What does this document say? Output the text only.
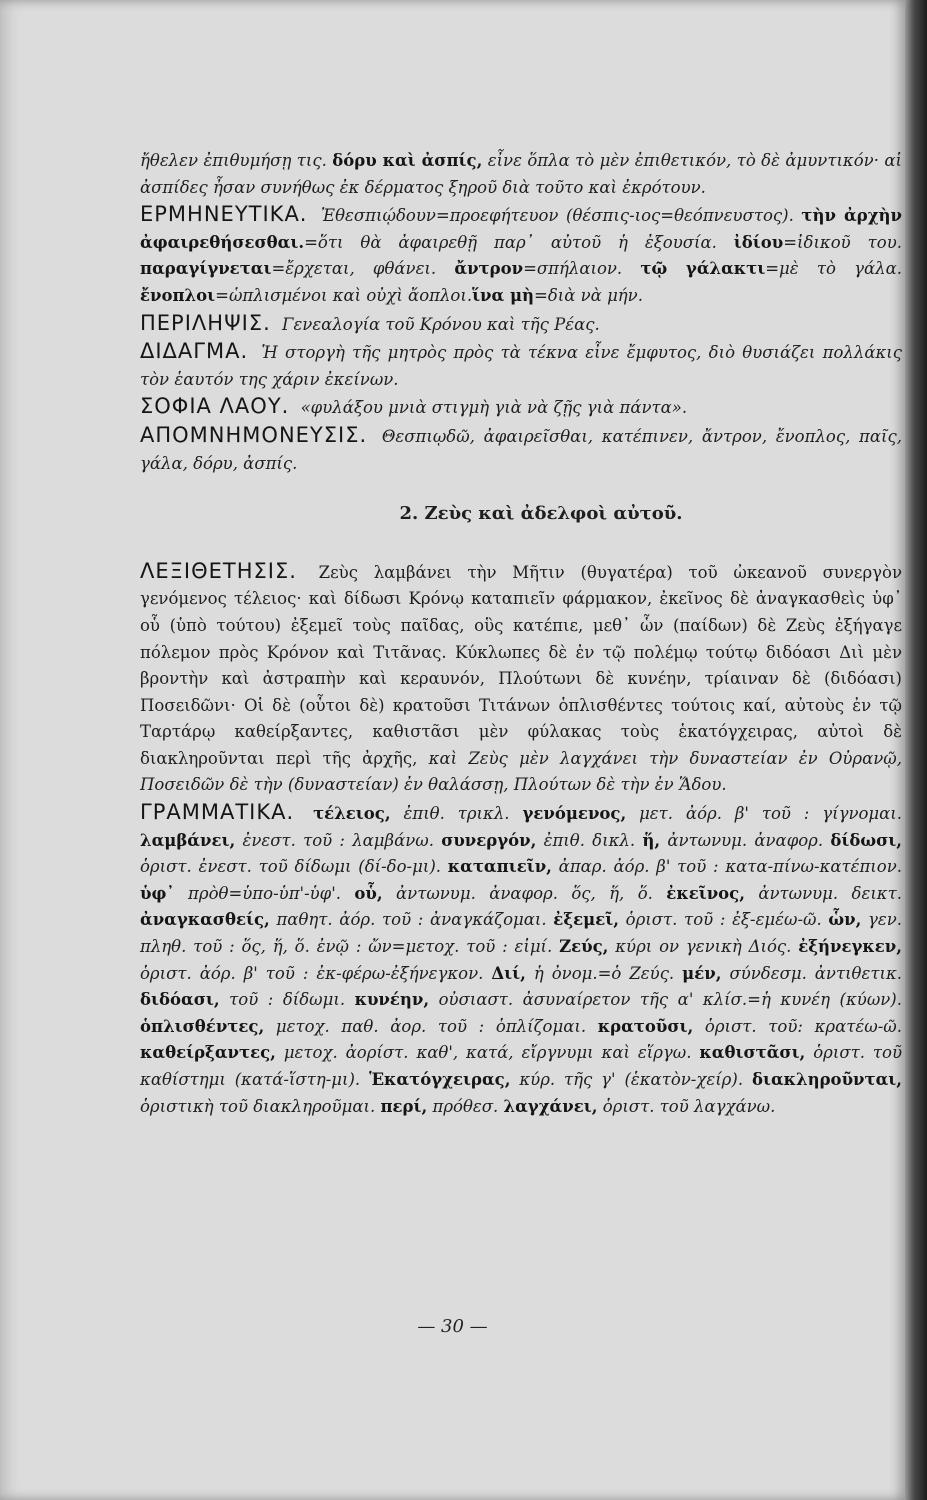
ἤθελεν ἐπιθυμήσῃ τις. δόρυ καὶ ἀσπίς, εἶνε ὅπλα τὸ μὲν ἐπιθετικόν, τὸ δὲ ἀμυντικόν· αἱ ἀσπίδες ἦσαν συνήθως ἐκ δέρματος ξηροῦ διὰ τοῦτο καὶ ἐκρότουν.

ΕΡΜΗΝΕΥΤΙΚΑ. Ἐθεσπιῴδουν=προεφήτευον (θέσπις-ιος=θεόπνευστος). τὴν ἀρχὴν ἀφαιρεθήσεσθαι.=ὅτι θὰ ἀφαιρεθῇ παρ᾽ αὐτοῦ ἡ ἐξουσία. ἰδίου=ἰδικοῦ του. παραγίγνεται=ἔρχεται, φθάνει. ἄντρον=σπήλαιον. τῷ γάλακτι=μὲ τὸ γάλα. ἔνοπλοι=ὡπλισμένοι καὶ οὐχὶ ἄοπλοι.ἵνα μὴ=διὰ νὰ μήν.

ΠΕΡΙΛΗΨΙΣ. Γενεαλογία τοῦ Κρόνου καὶ τῆς Ρέας.

ΔΙΔΑΓΜΑ. Ἡ στοργὴ τῆς μητρὸς πρὸς τὰ τέκνα εἶνε ἔμφυτος, διὸ θυσιάζει πολλάκις τὸν ἑαυτόν της χάριν ἐκείνων.

ΣΟΦΙΑ ΛΑΟΥ. «φυλάξου μνιὰ στιγμὴ γιὰ νὰ ζῇς γιὰ πάντα».

ΑΠΟΜΝΗΜΟΝΕΥΣΙΣ. Θεσπιῳδῶ, ἀφαιρεῖσθαι, κατέπινεν, ἄντρον, ἔνοπλος, παῖς, γάλα, δόρυ, ἀσπίς.

2. Ζεὺς καὶ ἀδελφοὶ αὐτοῦ.

ΛΕΞΙΘΕΤΗΣΙΣ. Ζεὺς λαμβάνει τὴν Μῆτιν (θυγατέρα) τοῦ ὠκεανοῦ συνεργὸν γενόμενος τέλειος· καὶ δίδωσι Κρόνῳ καταπιεῖν φάρμακον, ἐκεῖνος δὲ ἀναγκασθεὶς ὑφ᾽ οὗ (ὑπὸ τούτου) ἐξεμεῖ τοὺς παῖδας, οὓς κατέπιε, μεθ᾽ ὧν (παίδων) δὲ Ζεὺς ἐξήγαγε πόλεμον πρὸς Κρόνον καὶ Τιτᾶνας. Κύκλωπες δὲ ἐν τῷ πολέμῳ τούτῳ διδόασι Διὶ μὲν βροντὴν καὶ ἀστραπὴν καὶ κεραυνόν, Πλούτωνι δὲ κυνέην, τρίαιναν δὲ (διδόασι) Ποσειδῶνι· Οἱ δὲ (οὗτοι δὲ) κρατοῦσι Τιτάνων ὁπλισθέντες τούτοις καί, αὐτοὺς ἐν τῷ Ταρτάρῳ καθείρξαντες, καθιστᾶσι μὲν φύλακας τοὺς ἑκατόγχειρας, αὐτοὶ δὲ διακληροῦνται περὶ τῆς ἀρχῆς, καὶ Ζεὺς μὲν λαγχάνει τὴν δυναστείαν ἐν Οὐρανῷ, Ποσειδῶν δὲ τὴν (δυναστείαν) ἐν θαλάσσῃ, Πλούτων δὲ τὴν ἐν Ἅδου.

ΓΡΑΜΜΑΤΙΚΑ. τέλειος, ἐπιθ. τρικλ. γενόμενος, μετ. ἀόρ. β' τοῦ : γίγνομαι. λαμβάνει, ἐνεστ. τοῦ : λαμβάνω. συνεργόν, ἐπιθ. δικλ. ἥ, ἀντωνυμ. ἀναφορ. δίδωσι, ὁριστ. ἐνεστ. τοῦ δίδωμι (δί-δο-μι). καταπιεῖν, ἀπαρ. ἀόρ. β' τοῦ : κατα-πίνω-κατέπιον. ὑφ᾽ πρὸθ=ὑπο-ὑπ'-ὑφ'. οὗ, ἀντωνυμ. ἀναφορ. ὅς, ἥ, ὅ. ἐκεῖνος, ἀντωνυμ. δεικτ. ἀναγκασθείς, παθητ. ἀόρ. τοῦ : ἀναγκάζομαι. ἐξεμεῖ, ὁριστ. τοῦ : ἐξ-εμέω-ῶ. ὧν, γεν. πληθ. τοῦ : ὅς, ἥ, ὅ. ἐνῷ : ὤν=μετοχ. τοῦ : εἰμί. Ζεύς, κύρι ον γενικὴ Διός. ἐξήνεγκεν, ὁριστ. ἀόρ. β' τοῦ : ἐκ-φέρω-ἐξήνεγκον. Διί, ἡ ὀνομ.=ὁ Ζεύς. μέν, σύνδεσμ. ἀντιθετικ. διδόασι, τοῦ : δίδωμι. κυνέην, οὐσιαστ. ἀσυναίρετον τῆς α' κλίσ.=ἡ κυνέη (κύων). ὁπλισθέντες, μετοχ. παθ. ἀορ. τοῦ : ὁπλίζομαι. κρατοῦσι, ὁριστ. τοῦ: κρατέω-ῶ. καθείρξαντες, μετοχ. ἀορίστ. καθ', κατά, εἴργνυμι καὶ εἵργω. καθιστᾶσι, ὁριστ. τοῦ καθίστημι (κατά-ἵστη-μι). Ἑκατόγχειρας, κύρ. τῆς γ' (ἑκατὸν-χείρ). διακληροῦνται, ὁριστικὴ τοῦ διακληροῦμαι. περί, πρόθεσ. λαγχάνει, ὁριστ. τοῦ λαγχάνω.

— 30 —
